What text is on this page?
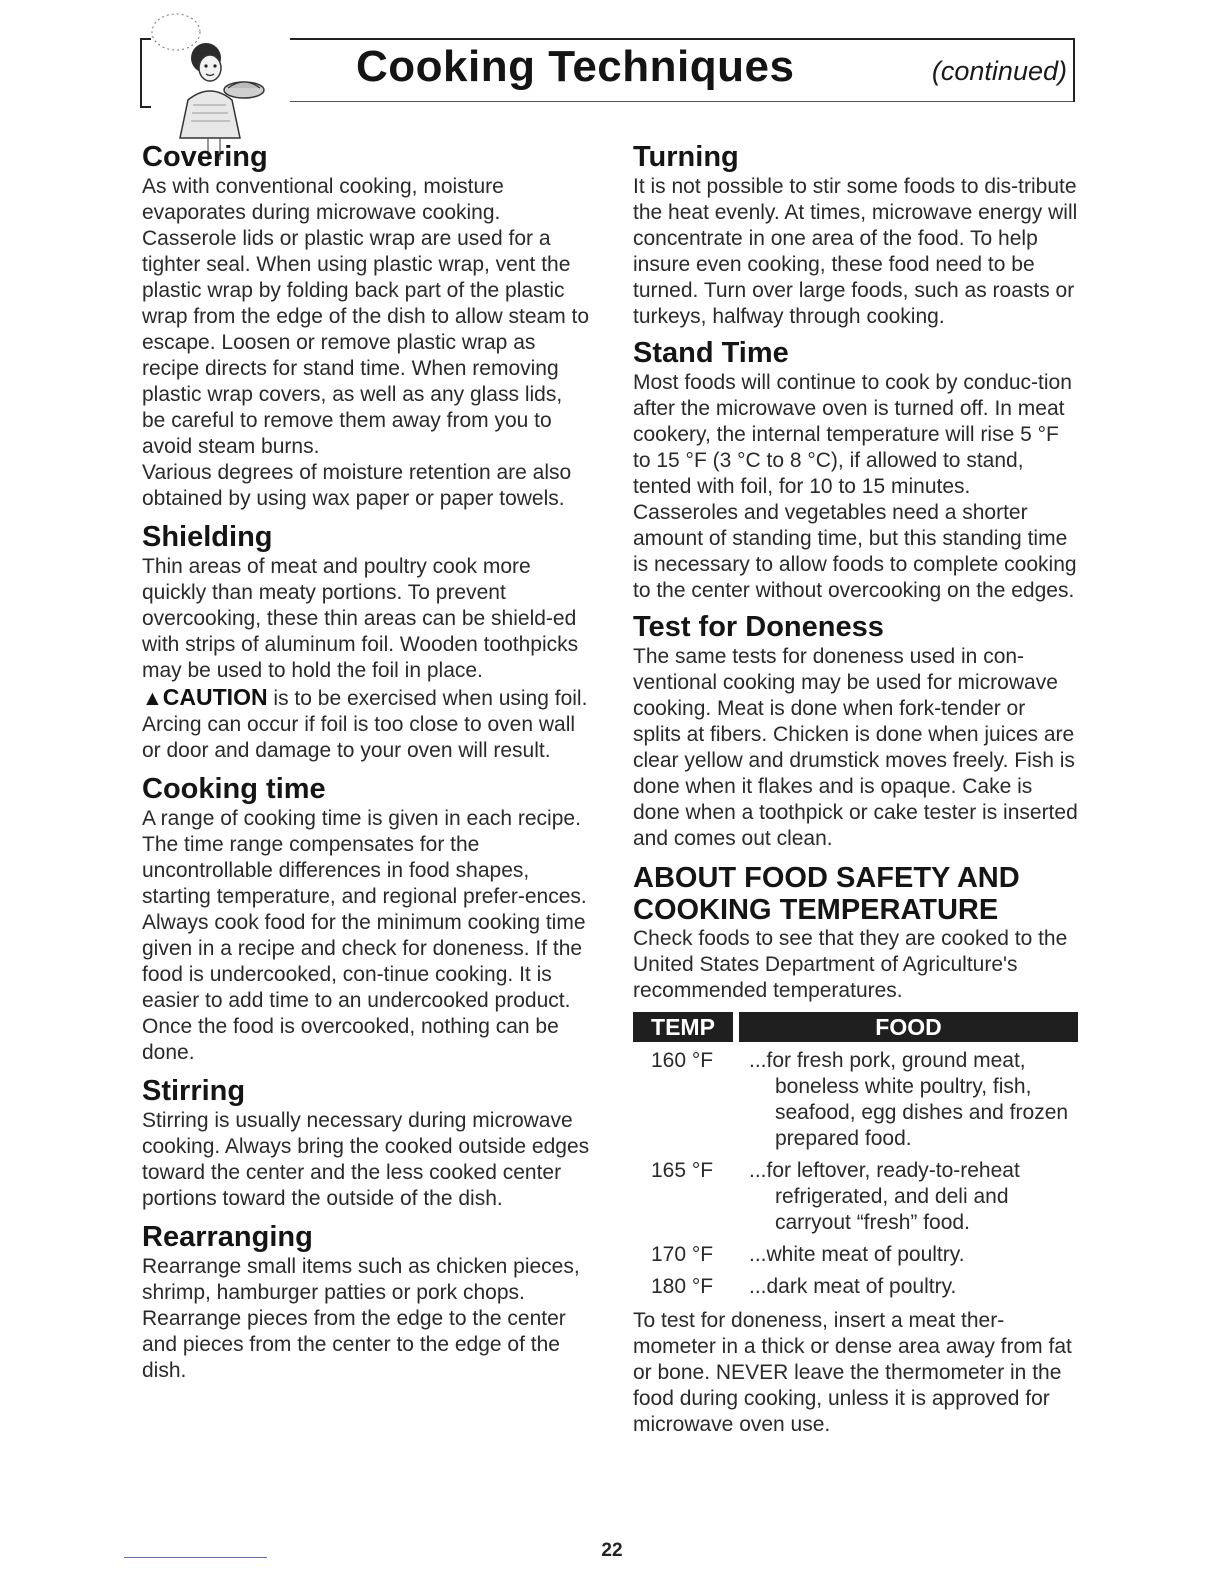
Cooking Techniques	(continued)
Covering

As with conventional cooking, moisture evaporates during microwave cooking. Casserole lids or plastic wrap are used for a tighter seal. When using plastic wrap, vent the plastic wrap by folding back part of the plastic wrap from the edge of the dish to allow steam to escape. Loosen or remove plastic wrap as recipe directs for stand time. When removing plastic wrap covers, as well as any glass lids, be careful to remove them away from you to avoid steam burns.

Various degrees of moisture retention are also obtained by using wax paper or paper towels.

Shielding

Thin areas of meat and poultry cook more quickly than meaty portions. To prevent overcooking, these thin areas can be shield-ed with strips of aluminum foil. Wooden toothpicks may be used to hold the foil in place.

▲CAUTION is to be exercised when using foil. Arcing can occur if foil is too close to oven wall or door and damage to your oven will result.

Cooking time

A range of cooking time is given in each recipe. The time range compensates for the uncontrollable differences in food shapes, starting temperature, and regional prefer-ences. Always cook food for the minimum cooking time given in a recipe and check for doneness. If the food is undercooked, con-tinue cooking. It is easier to add time to an undercooked product. Once the food is overcooked, nothing can be done.

Stirring

Stirring is usually necessary during microwave cooking. Always bring the cooked outside edges toward the center and the less cooked center portions toward the outside of the dish.

Rearranging

Rearrange small items such as chicken pieces, shrimp, hamburger patties or pork chops. Rearrange pieces from the edge to the center and pieces from the center to the edge of the dish.

Turning

It is not possible to stir some foods to dis-tribute the heat evenly. At times, microwave energy will concentrate in one area of the food. To help insure even cooking, these food need to be turned. Turn over large foods, such as roasts or turkeys, halfway through cooking.

Stand Time

Most foods will continue to cook by conduc-tion after the microwave oven is turned off. In meat cookery, the internal temperature will rise 5 °F to 15 °F (3 °C to 8 °C), if allowed to stand, tented with foil, for 10 to 15 minutes. Casseroles and vegetables need a shorter amount of standing time, but this standing time is necessary to allow foods to complete cooking to the center without overcooking on the edges.

Test for Doneness

The same tests for doneness used in con-ventional cooking may be used for microwave cooking. Meat is done when fork-tender or splits at fibers. Chicken is done when juices are clear yellow and drumstick moves freely. Fish is done when it flakes and is opaque. Cake is done when a toothpick or cake tester is inserted and comes out clean.

ABOUT FOOD SAFETY AND COOKING TEMPERATURE

Check foods to see that they are cooked to the United States Department of Agriculture's recommended temperatures.

TEMP	FOOD
160 °F	...for fresh pork, ground meat,
boneless white poultry, fish, seafood, egg dishes and frozen prepared food.
165 °F	...for leftover, ready-to-reheat
refrigerated, and deli and carryout “fresh” food.
170 °F	...white meat of poultry.
180 °F	...dark meat of poultry.

To test for doneness, insert a meat ther-mometer in a thick or dense area away from fat or bone. NEVER leave the thermometer in the food during cooking, unless it is approved for microwave oven use.

22
